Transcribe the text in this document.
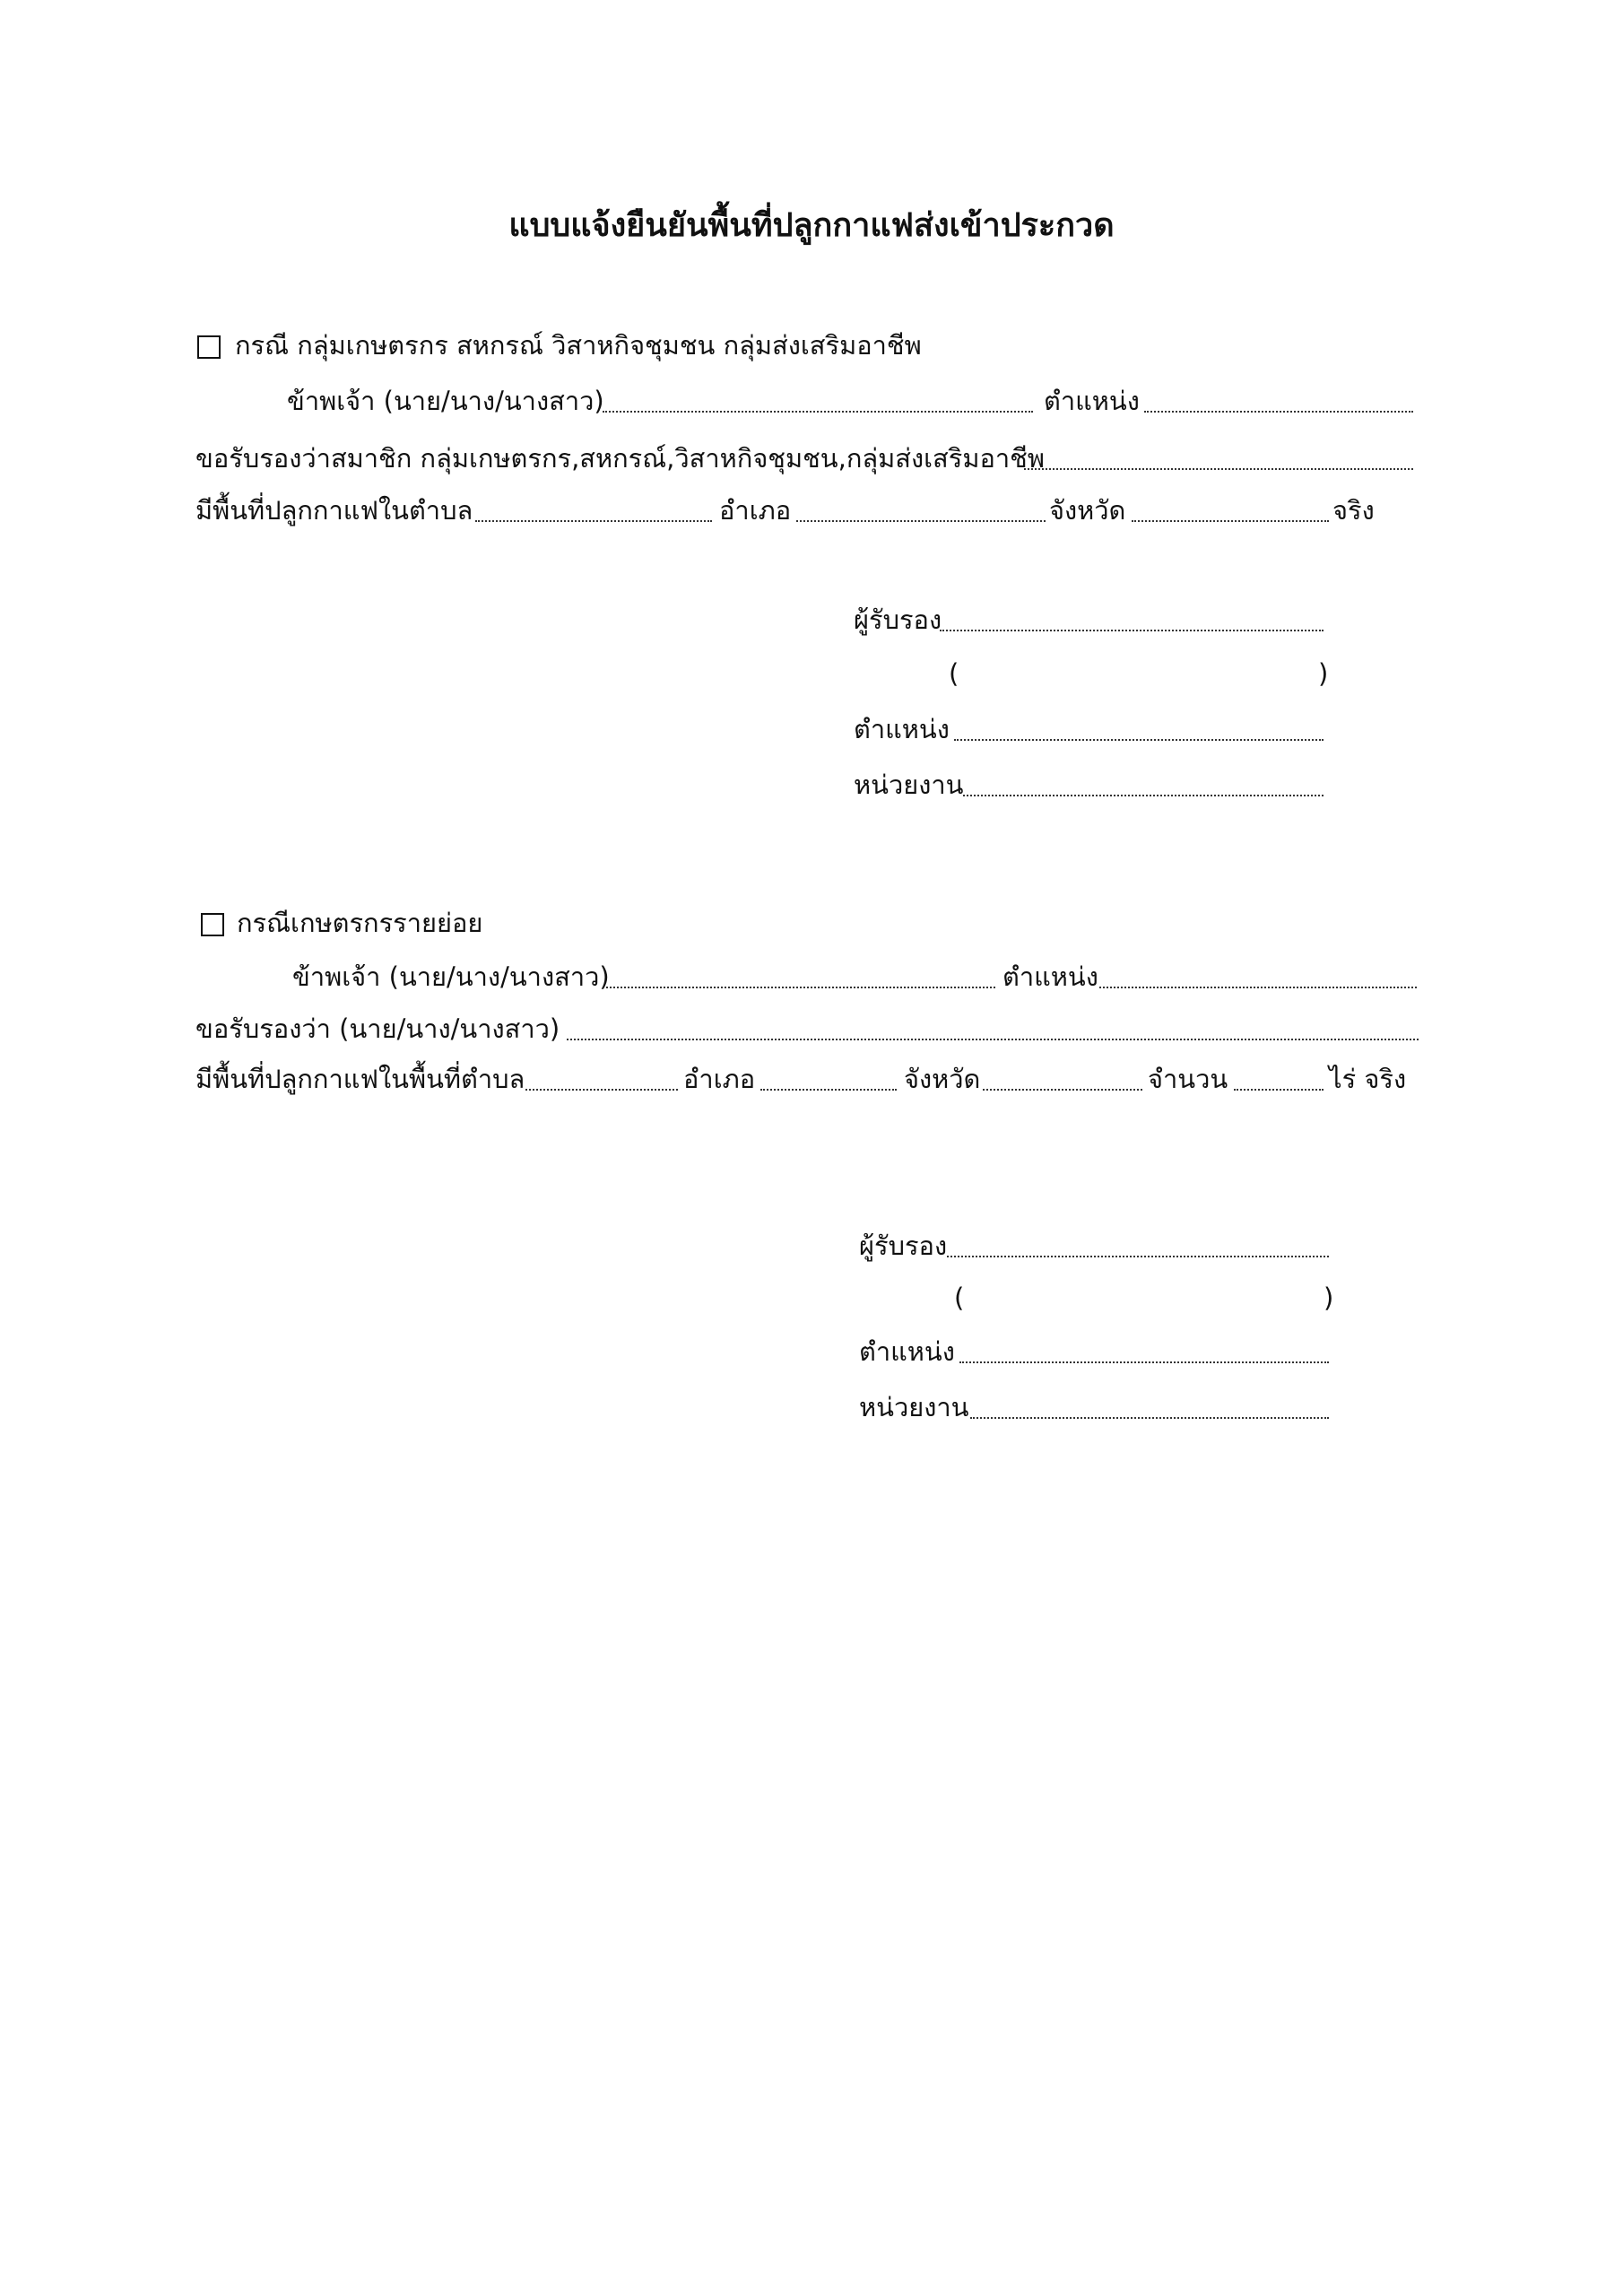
แบบแจ้งยืนยันพื้นที่ปลูกกาแฟส่งเข้าประกวด
กรณี กลุ่มเกษตรกร สหกรณ์ วิสาหกิจชุมชน กลุ่มส่งเสริมอาชีพ
ข้าพเจ้า (นาย/นาง/นางสาว)	ตำแหน่ง
ขอรับรองว่าสมาชิก กลุ่มเกษตรกร,สหกรณ์,วิสาหกิจชุมชน,กลุ่มส่งเสริมอาชีพ
มีพื้นที่ปลูกกาแฟในตำบล	อำเภอ	จังหวัด	จริง
ผู้รับรอง
(	)
ตำแหน่ง
หน่วยงาน
กรณีเกษตรกรรายย่อย
ข้าพเจ้า (นาย/นาง/นางสาว)	ตำแหน่ง
ขอรับรองว่า (นาย/นาง/นางสาว)
มีพื้นที่ปลูกกาแฟในพื้นที่ตำบล	อำเภอ	จังหวัด	จำนวน	ไร่ จริง
ผู้รับรอง
(	)
ตำแหน่ง
หน่วยงาน
